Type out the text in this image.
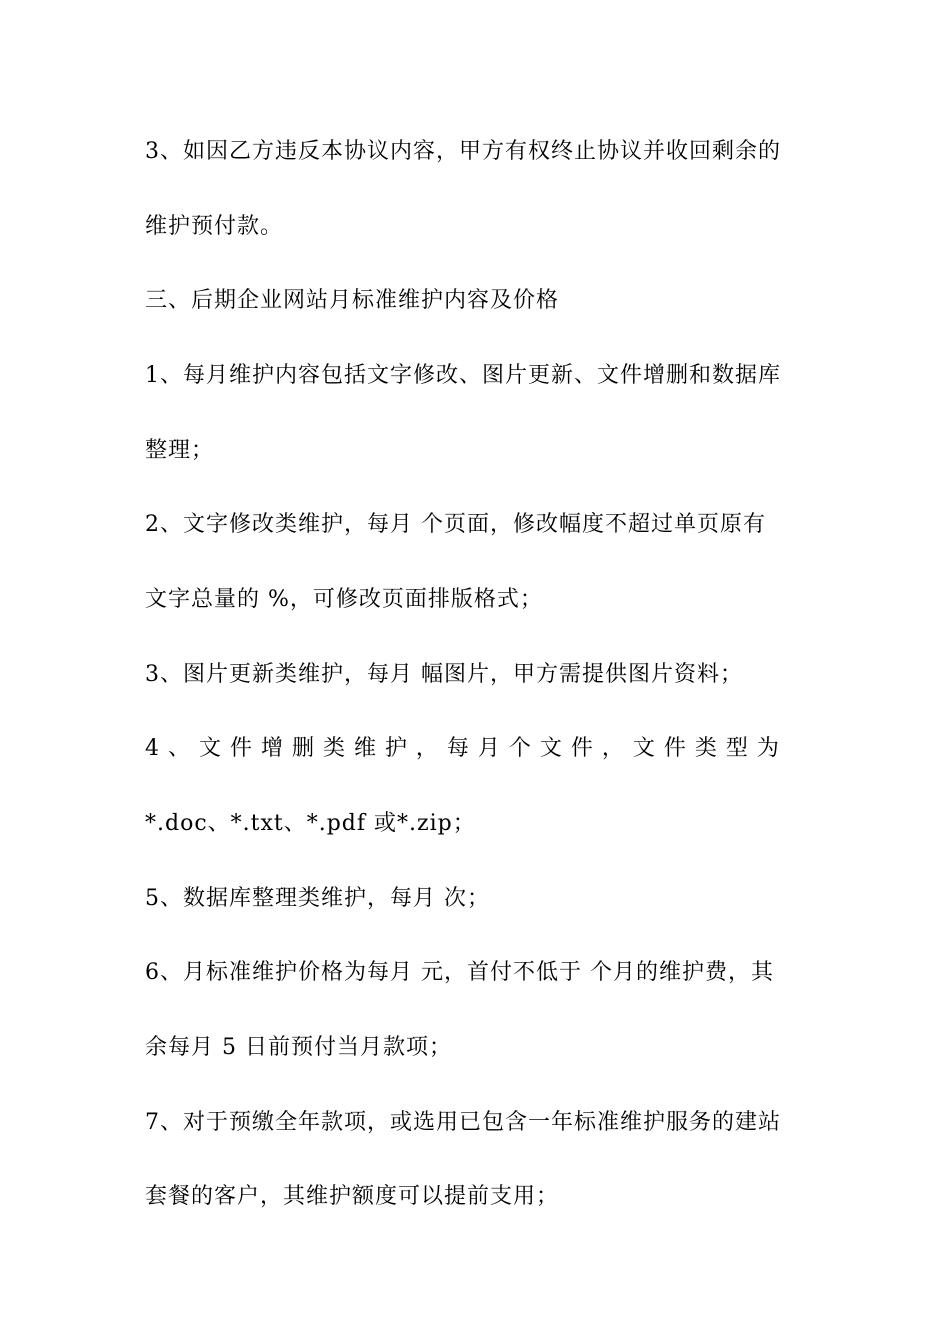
3、如因乙方违反本协议内容，甲方有权终止协议并收回剩余的
维护预付款。
三、后期企业网站月标准维护内容及价格
1、每月维护内容包括文字修改、图片更新、文件增删和数据库
整理；
2、文字修改类维护，每月 个页面，修改幅度不超过单页原有
文字总量的 %，可修改页面排版格式；
3、图片更新类维护，每月 幅图片，甲方需提供图片资料；
4 、 文 件 增 删 类 维 护 ， 每 月 个 文 件 ， 文 件 类 型 为
*.doc、*.txt、*.pdf 或*.zip；
5、数据库整理类维护，每月 次；
6、月标准维护价格为每月 元，首付不低于 个月的维护费，其
余每月 5 日前预付当月款项；
7、对于预缴全年款项，或选用已包含一年标准维护服务的建站
套餐的客户，其维护额度可以提前支用；
